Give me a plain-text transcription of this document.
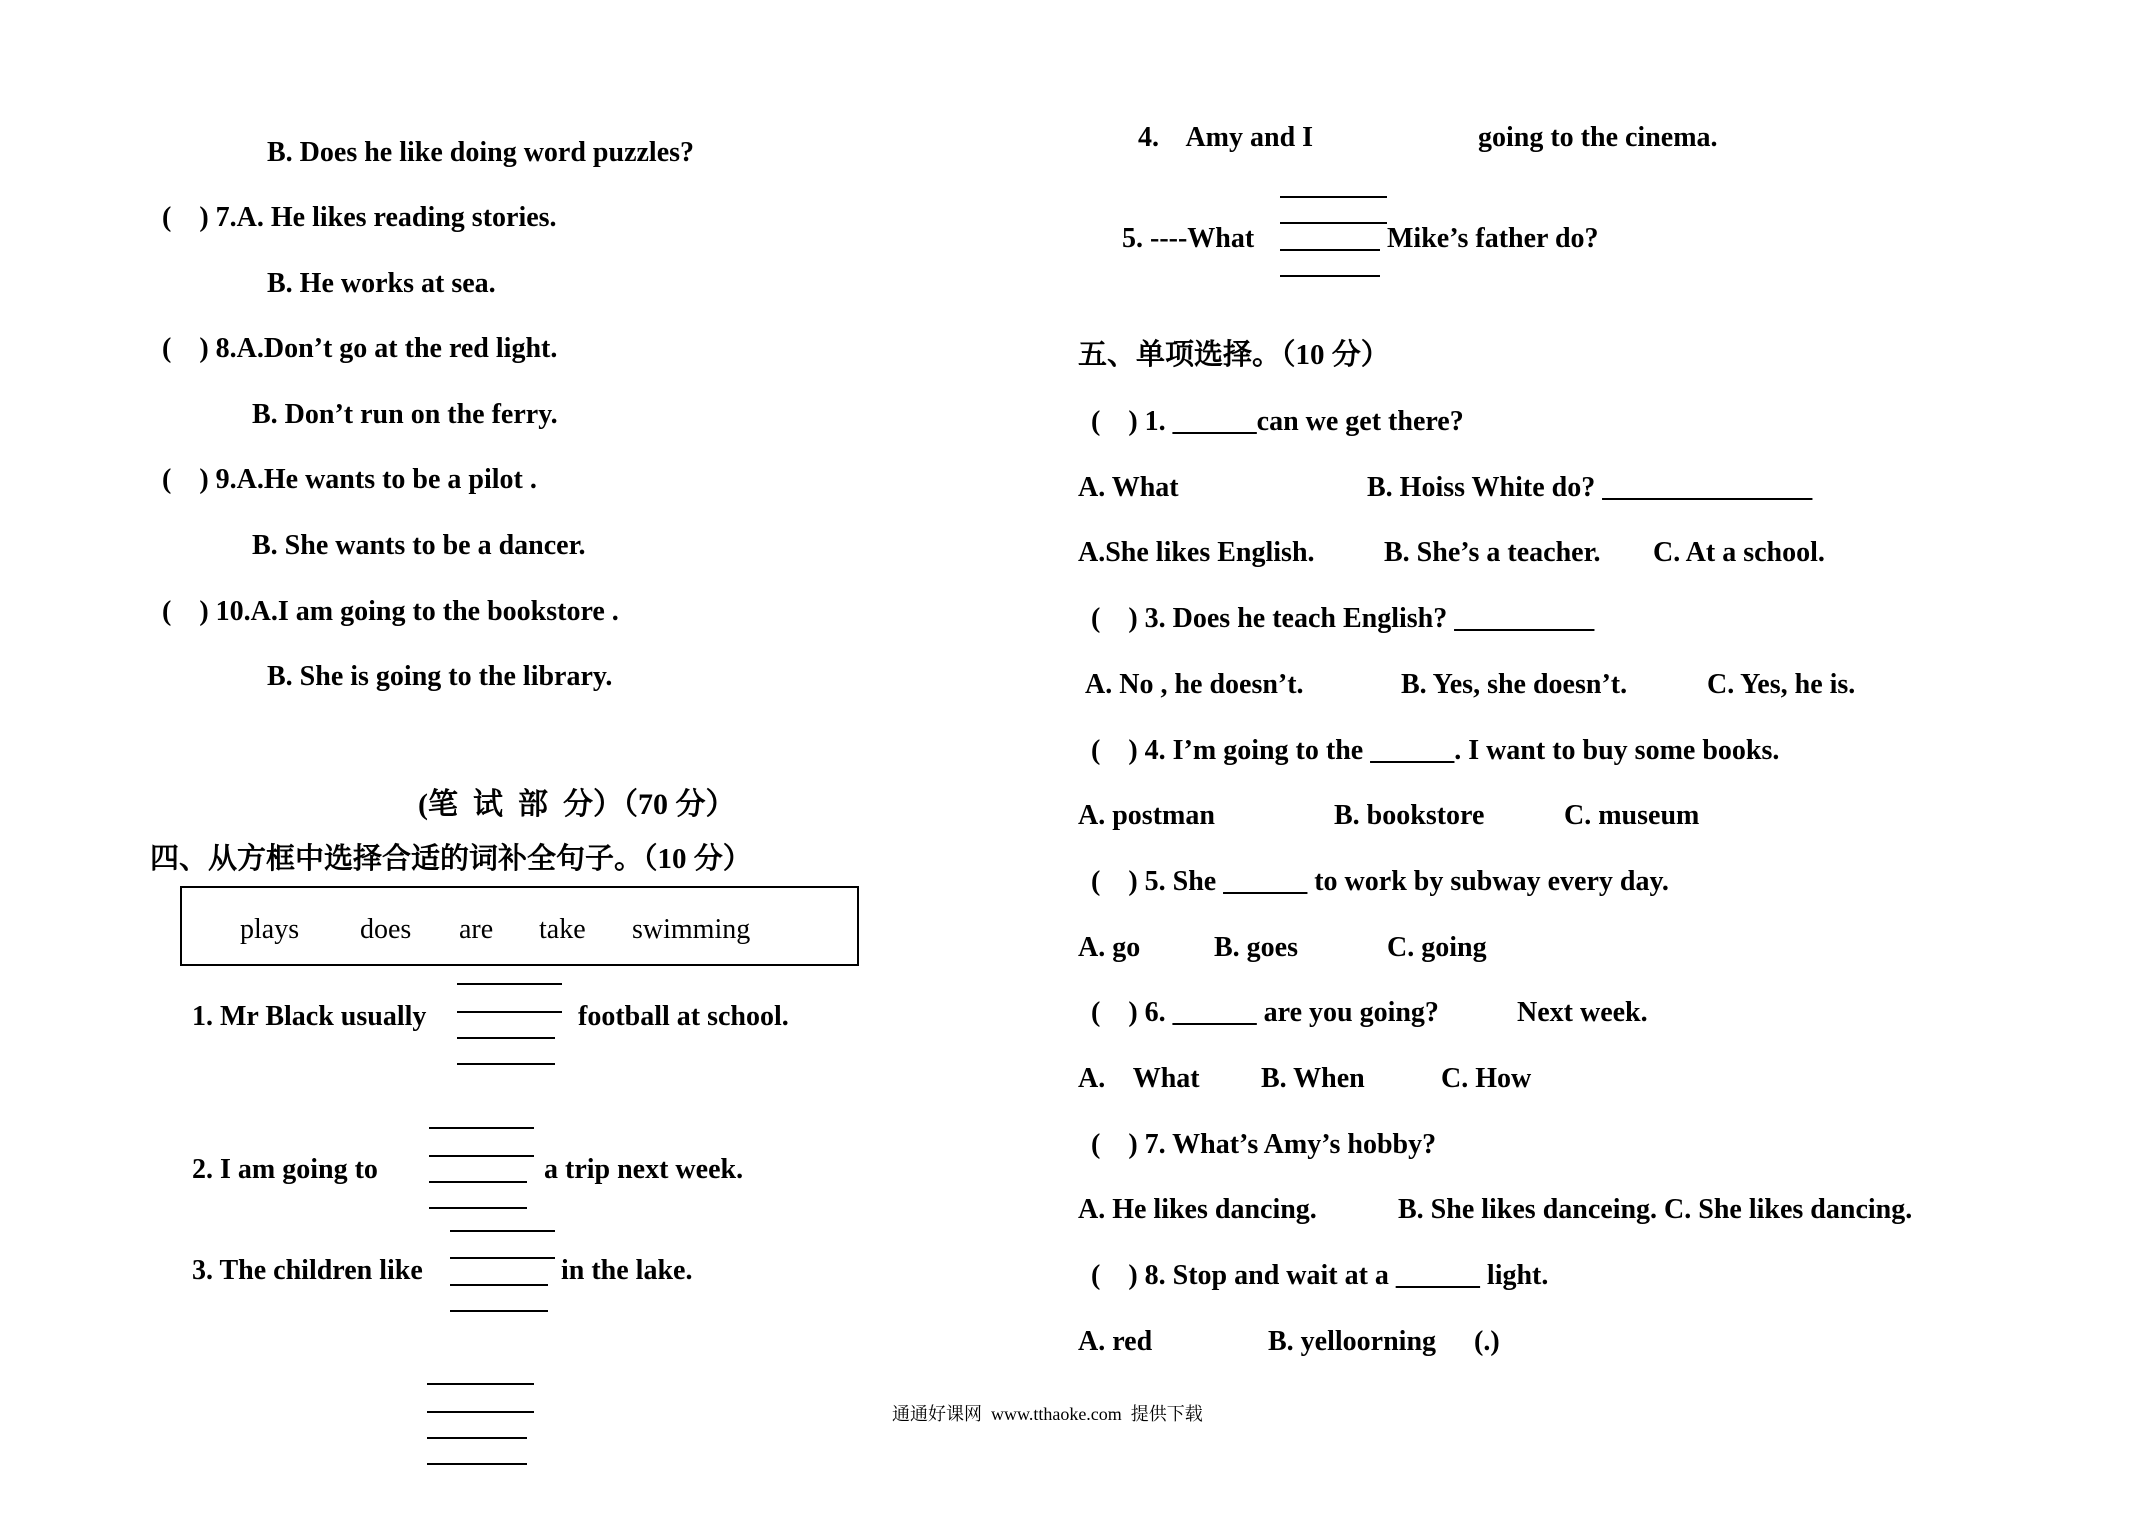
B. Does he like doing word puzzles?
(    ) 7.A. He likes reading stories.
B. He works at sea.
(    ) 8.A.Don’t go at the red light.
B. Don’t run on the ferry.
(    ) 9.A.He wants to be a pilot .
B. She wants to be a dancer.
(    ) 10.A.I am going to the bookstore .
B. She is going to the library.
(笔  试  部  分）（70 分）
四、从方框中选择合适的词补全句子。（10 分）
plays does are take swimming
1. Mr Black usually	football at school.
2. I am going to	a trip next week.
3. The children like	in the lake.
4.    Amy and I	going to the cinema.
5. ----What	Mike’s father do?
五、单项选择。（10 分）
(    ) 1. ______can we get there?
A. What	B. Hoiss White do? _______________
A.She likes English. B. She’s a teacher. C. At a school.
(    ) 3. Does he teach English? __________
A. No , he doesn’t.	B. Yes, she doesn’t.	C. Yes, he is.
(    ) 4. I’m going to the ______. I want to buy some books.
A. postman	B. bookstore	C. museum
(    ) 5. She ______ to work by subway every day.
A. go	B. goes	C. going
(    ) 6. ______ are you going?	Next week.
A.    What B. When	C. How
(    ) 7. What’s Amy’s hobby?
A. He likes dancing.	B. She likes danceing. C. She likes dancing.
(    ) 8. Stop and wait at a ______ light.
A. red	B. yelloorning (.)
通通好课网  www.tthaoke.com  提供下载
